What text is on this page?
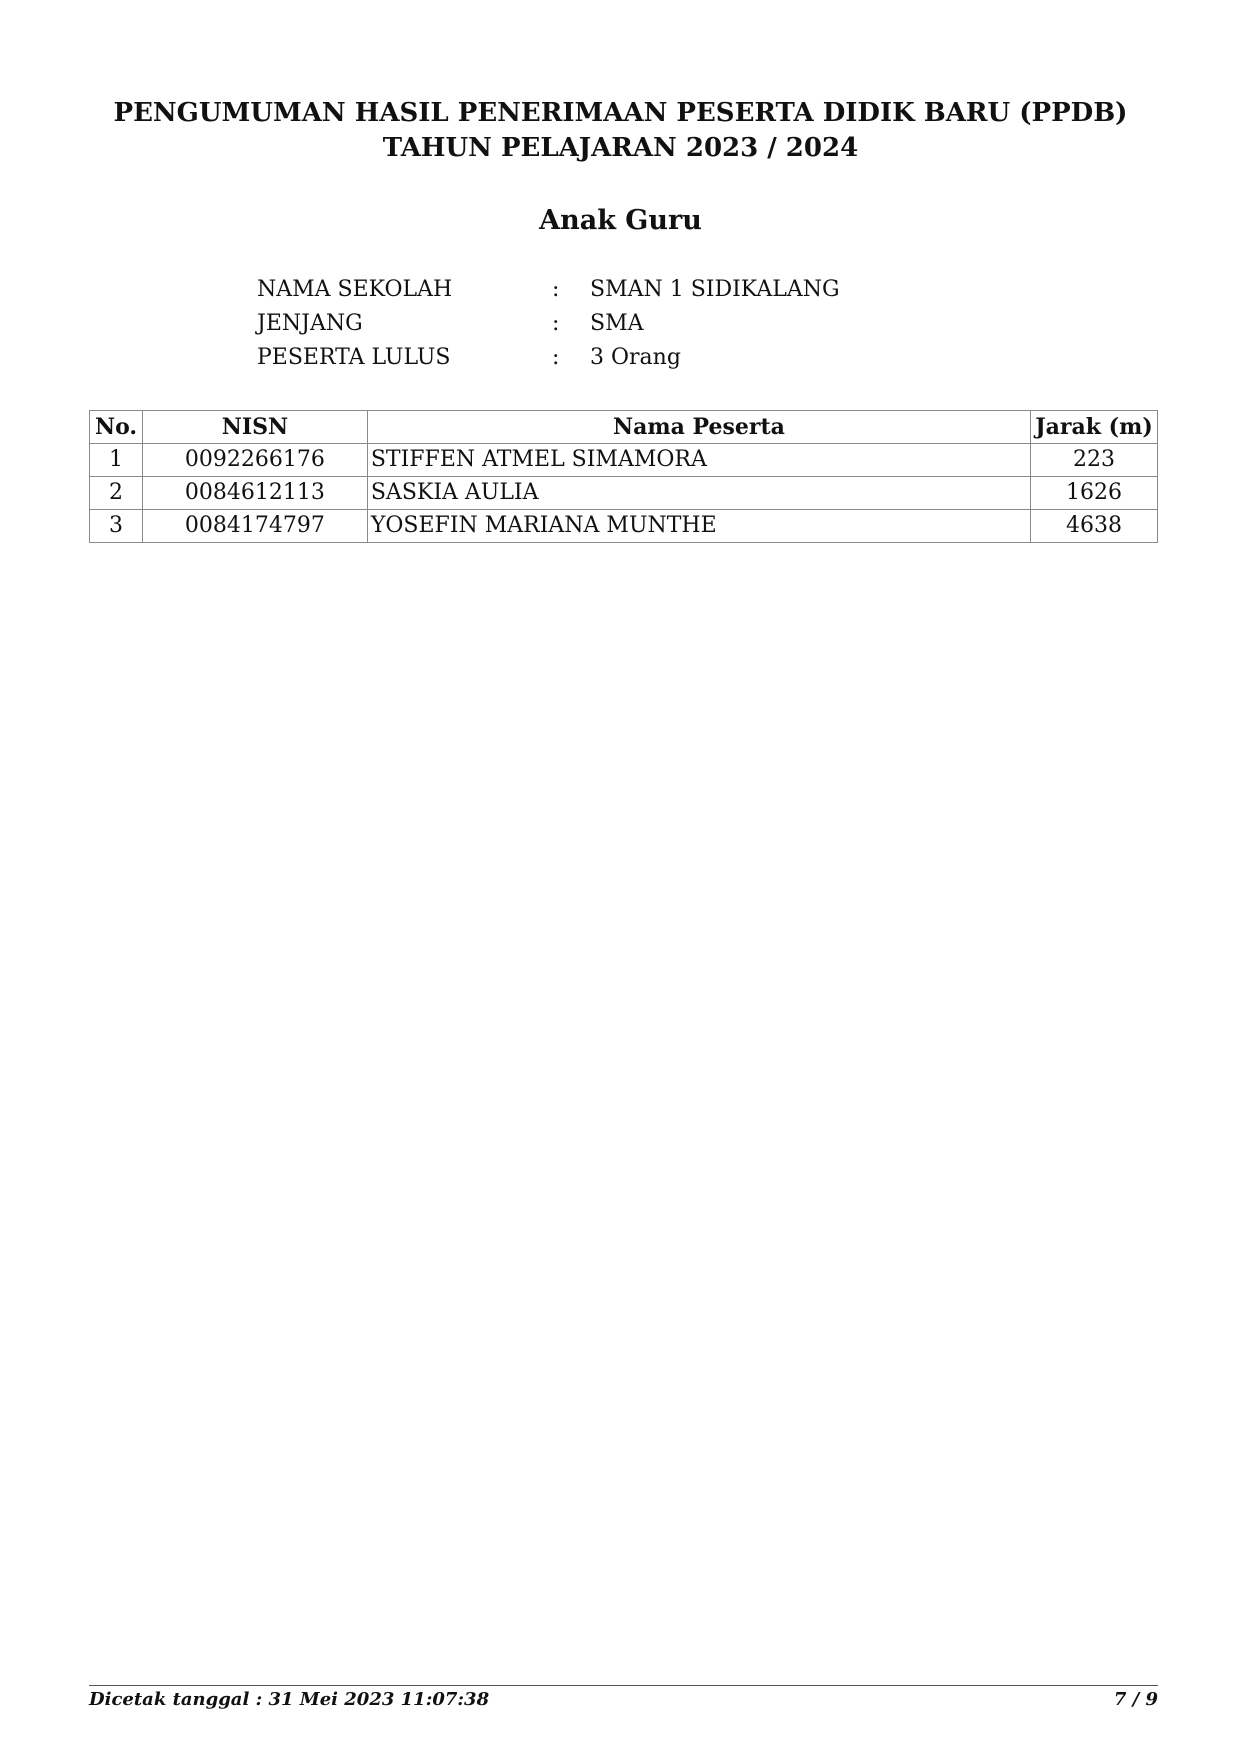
PENGUMUMAN HASIL PENERIMAAN PESERTA DIDIK BARU (PPDB)
TAHUN PELAJARAN 2023 / 2024
Anak Guru
NAMA SEKOLAH	: SMAN 1 SIDIKALANG
JENJANG	: SMA
PESERTA LULUS	: 3 Orang
No.	NISN	Nama Peserta	Jarak (m)
1	0092266176	STIFFEN ATMEL SIMAMORA	223
2	0084612113	SASKIA AULIA	1626
3	0084174797	YOSEFIN MARIANA MUNTHE	4638
Dicetak tanggal : 31 Mei 2023 11:07:38	7 / 9
